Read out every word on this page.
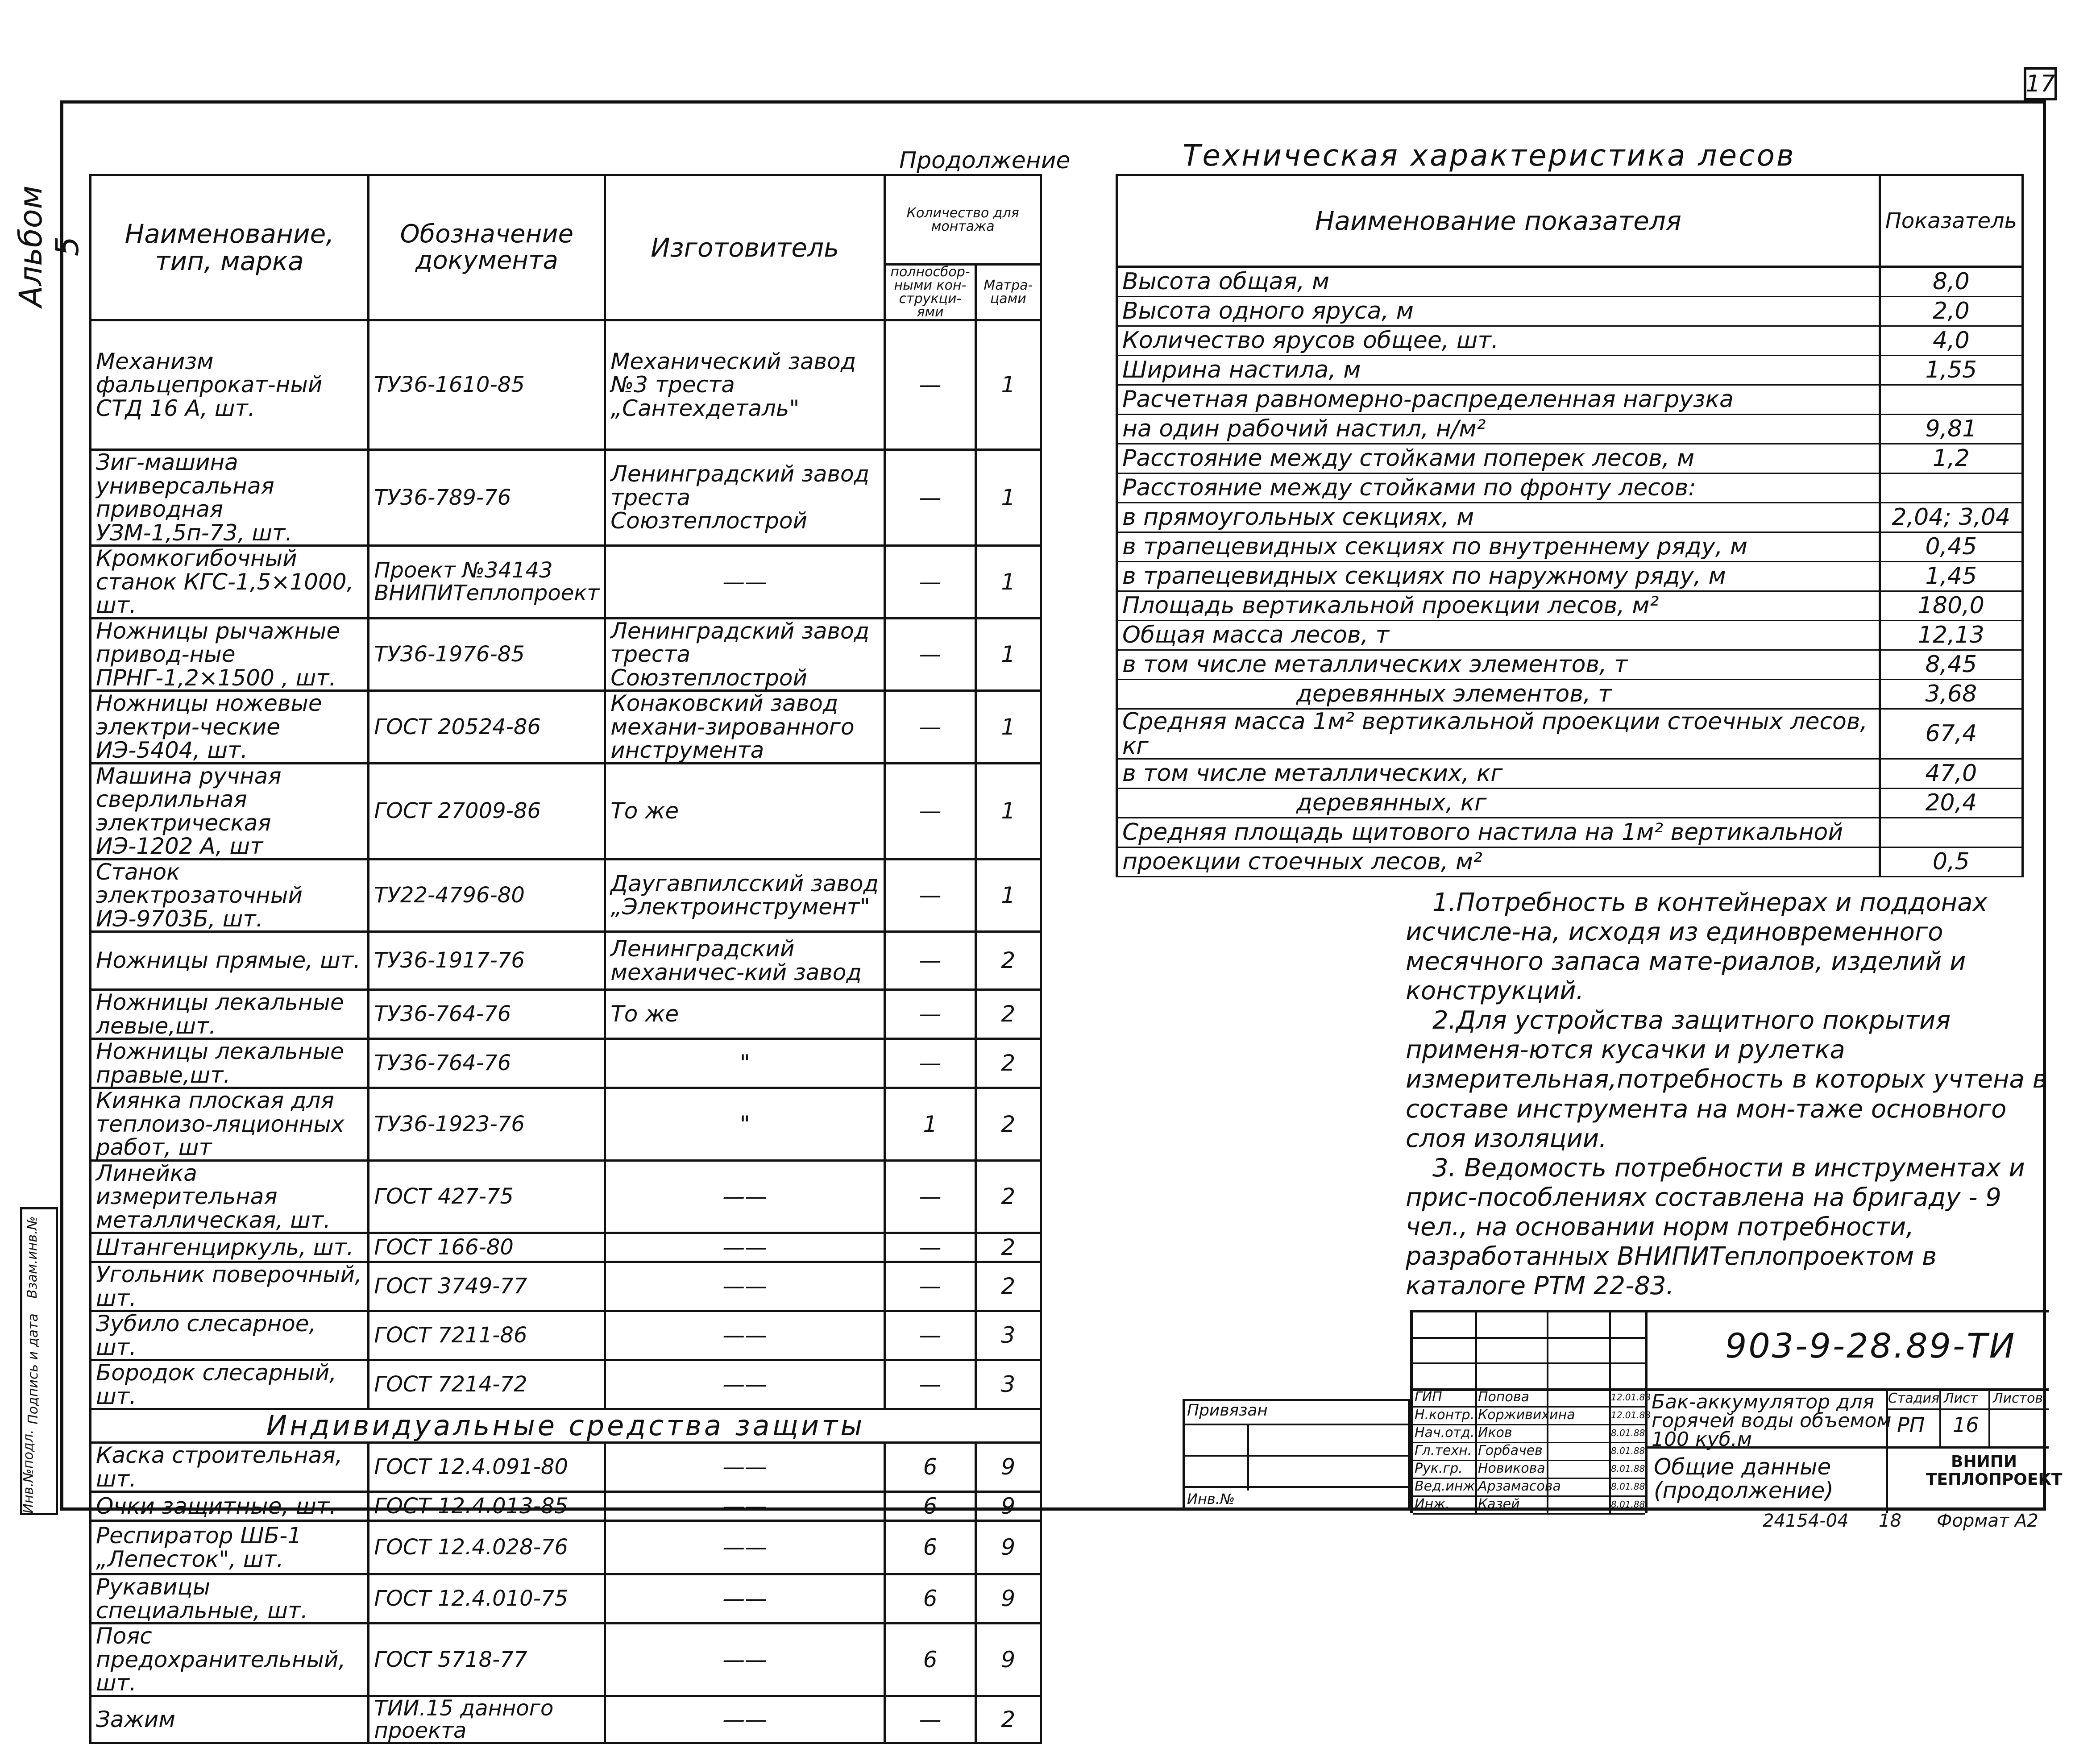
17
Альбом 5
Инв.№подл.
Подпись и дата
Взам.инв.№
Продолжение
Наименование, тип, марка	Обозначение документа	Изготовитель	Количество для монтажа	
			полносбор-ными кон-струкци-ями	Матра-цами
Механизм фальцепрокат-ный СТД 16 А, шт.	ТУ36-1610-85	Механический завод №3 треста „Сантехдеталь"	—	1
Зиг-машина универсальная приводная УЗМ-1,5п-73, шт.	ТУ36-789-76	Ленинградский завод треста Союзтеплострой	—	1
Кромкогибочный станок КГС-1,5×1000, шт.	Проект №34143 ВНИПИТеплопроект	——	—	1
Ножницы рычажные привод-ные ПРНГ-1,2×1500 , шт.	ТУ36-1976-85	Ленинградский завод треста Союзтеплострой	—	1
Ножницы ножевые электри-ческие ИЭ-5404, шт.	ГОСТ 20524-86	Конаковский завод механи-зированного инструмента	—	1
Машина ручная сверлильная электрическая ИЭ-1202 А, шт	ГОСТ 27009-86	То же	—	1
Станок электрозаточный ИЭ-9703Б, шт.	ТУ22-4796-80	Даугавпилсский завод „Электроинструмент"	—	1
Ножницы прямые, шт.	ТУ36-1917-76	Ленинградский механичес-кий завод	—	2
Ножницы лекальные левые,шт.	ТУ36-764-76	То же	—	2
Ножницы лекальные правые,шт.	ТУ36-764-76	"	—	2
Киянка плоская для теплоизо-ляционных работ, шт	ТУ36-1923-76	"	1	2
Линейка измерительная металлическая, шт.	ГОСТ 427-75	——	—	2
Штангенциркуль, шт.	ГОСТ 166-80	——	—	2
Угольник поверочный, шт.	ГОСТ 3749-77	——	—	2
Зубило слесарное, шт.	ГОСТ 7211-86	——	—	3
Бородок слесарный, шт.	ГОСТ 7214-72	——	—	3
Индивидуальные средства защиты				
Каска строительная, шт.	ГОСТ 12.4.091-80	——	6	9
Очки защитные, шт.	ГОСТ 12.4.013-85	——	6	9
Респиратор ШБ-1 „Лепесток", шт.	ГОСТ 12.4.028-76	——	6	9
Рукавицы специальные, шт.	ГОСТ 12.4.010-75	——	6	9
Пояс предохранительный, шт.	ГОСТ 5718-77	——	6	9
Зажим	ТИИ.15 данного проекта	——	—	2
Техническая характеристика лесов
Наименование показателя	Показатель
Высота общая, м	8,0
Высота одного яруса, м	2,0
Количество ярусов общее, шт.	4,0
Ширина настила, м	1,55
Расчетная равномерно-распределенная нагрузка	
на один рабочий настил, н/м²	9,81
Расстояние между стойками поперек лесов, м	1,2
Расстояние между стойками по фронту лесов:	
в прямоугольных секциях, м	2,04; 3,04
в трапецевидных секциях по внутреннему ряду, м	0,45
в трапецевидных секциях по наружному ряду, м	1,45
Площадь вертикальной проекции лесов, м²	180,0
Общая масса лесов, т	12,13
в том числе металлических элементов, т	8,45
деревянных элементов, т	3,68
Средняя масса 1м² вертикальной проекции стоечных лесов, кг	67,4
в том числе металлических, кг	47,0
деревянных, кг	20,4
Средняя площадь щитового настила на 1м² вертикальной	
проекции стоечных лесов, м²	0,5

1.Потребность в контейнерах и поддонах исчисле-на, исходя из единовременного месячного запаса мате-риалов, изделий и конструкций.

2.Для устройства защитного покрытия применя-ются кусачки и рулетка измерительная,потребность в которых учтена в составе инструмента на мон-таже основного слоя изоляции.

3. Ведомость потребности в инструментах и прис-пособлениях составлена на бригаду - 9 чел., на основании норм потребности, разработанных ВНИПИТеплопроектом в каталоге РТМ 22-83.

Привязан
Инв.№
903-9-28.89-ТИ
ГИП	Попова	12.01.88
Н.контр. Корживихина	12.01.88
Нач.отд. Иков	8.01.88
Гл.техн. Горбачев	8.01.88
Рук.гр. Новикова	8.01.88
Вед.инж.
Арзамасова	8.01.88
Инж. Казей	8.01.88
Бак-аккумулятор для горячей воды объемом 100 куб.м
Общие данные (продолжение)
Стадия Лист Листов
РП 16
ВНИПИ ТЕПЛОПРОЕКТ
24154-04 18 Формат А2
